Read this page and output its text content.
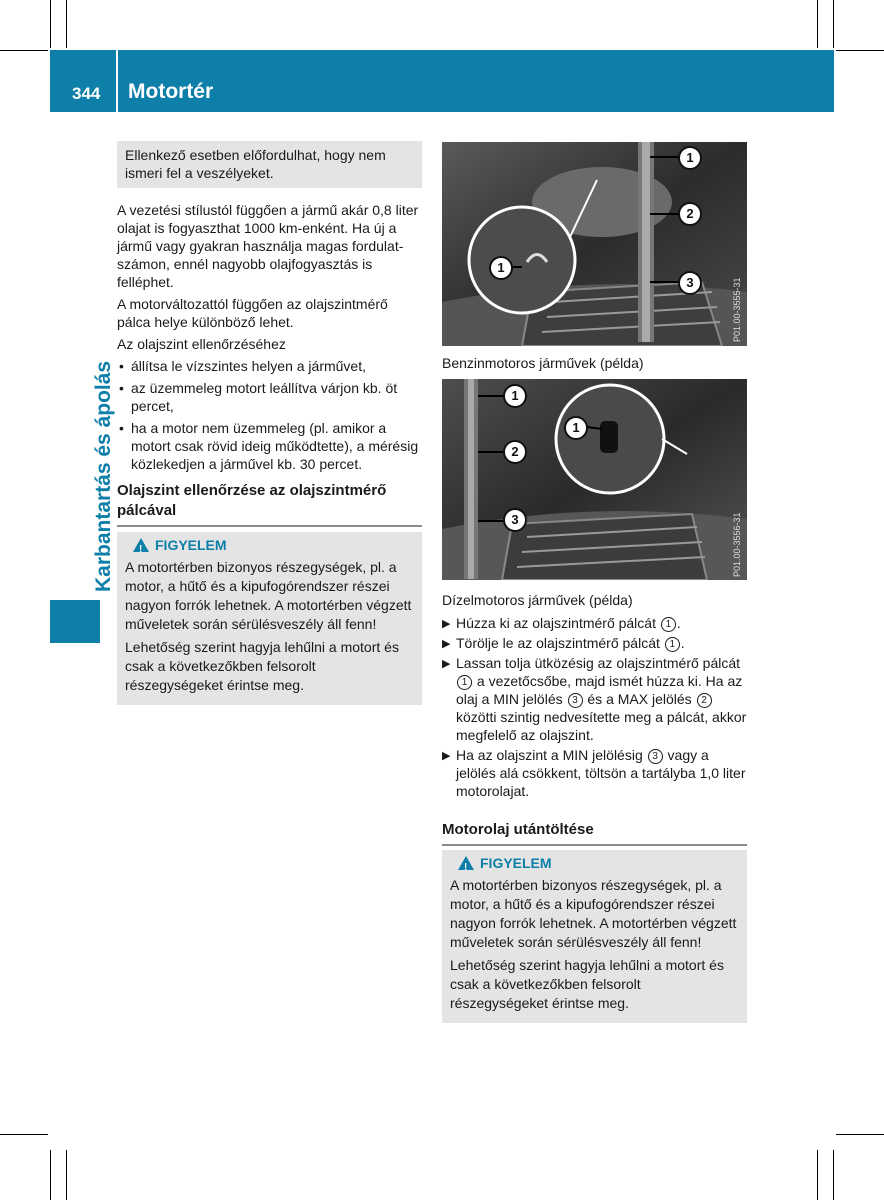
344 Motortér
Karbantartás és ápolás
Ellenkező esetben előfordulhat, hogy nem ismeri fel a veszélyeket.

A vezetési stílustól függően a jármű akár 0,8 liter olajat is fogyaszthat 1000 km-enként. Ha új a jármű vagy gyakran használja magas fordulatszámon, ennél nagyobb olajfogyasztás is felléphet.

A motorváltozattól függően az olajszintmérő pálca helye különböző lehet.

Az olajszint ellenőrzéséhez

• állítsa le vízszintes helyen a járművet,

• az üzemmeleg motort leállítva várjon kb. öt percet,

• ha a motor nem üzemmeleg (pl. amikor a motort csak rövid ideig működtette), a mérésig közlekedjen a járművel kb. 30 percet.

Olajszint ellenőrzése az olajszintmérő pálcával
!FIGYELEM

A motortérben bizonyos részegységek, pl. a motor, a hűtő és a kipufogórendszer részei nagyon forrók lehetnek. A motortérben végzett műveletek során sérülésveszély áll fenn!

Lehetőség szerint hagyja lehűlni a motort és csak a következőkben felsorolt részegységeket érintse meg.

1
2
3
1
P01.00-3555-31
Benzinmotoros járművek (példa)
1
2
3
1
P01.00-3556-31
Dízelmotoros járművek (példa)
▶ Húzza ki az olajszintmérő pálcát 1 .
▶ Törölje le az olajszintmérő pálcát 1 .
▶ Lassan tolja ütközésig az olajszintmérő pálcát 1 a vezetőcsőbe, majd ismét húzza ki. Ha az olaj a MIN jelölés 3 és a MAX jelölés 2 közötti szintig nedvesítette meg a pálcát, akkor megfelelő az olajszint.
▶ Ha az olajszint a MIN jelölésig 3 vagy a jelölés alá csökkent, töltsön a tartályba 1,0 liter motorolajat.
Motorolaj utántöltése
!FIGYELEM

A motortérben bizonyos részegységek, pl. a motor, a hűtő és a kipufogórendszer részei nagyon forrók lehetnek. A motortérben végzett műveletek során sérülésveszély áll fenn!

Lehetőség szerint hagyja lehűlni a motort és csak a következőkben felsorolt részegységeket érintse meg.
